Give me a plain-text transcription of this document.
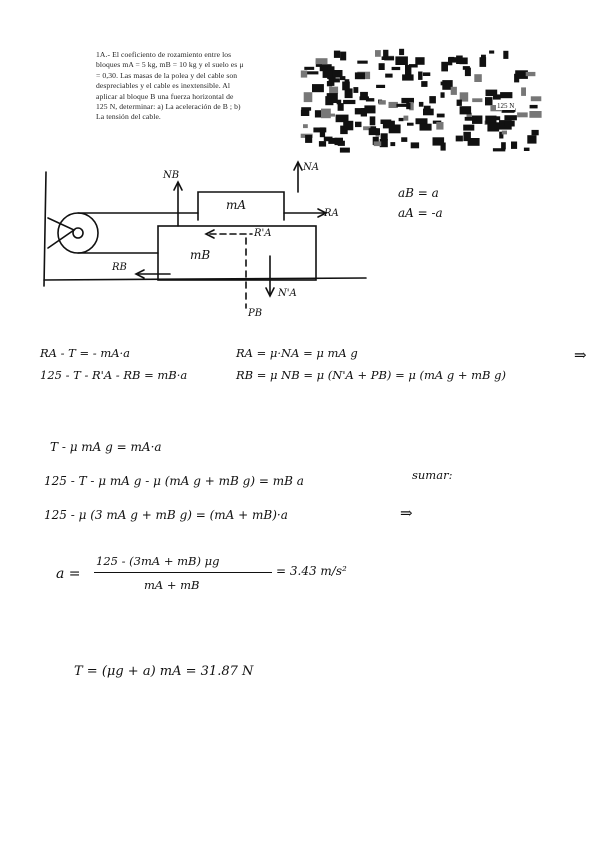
1A.- El coeficiento de rozamiento entre los
bloques mA = 5 kg, mB = 10 kg y el suelo es μ
= 0,30. Las masas de la polea y del cable son
despreciables y el cable es inextensible. Al
aplicar al bloque B una fuerza horizontal de
125 N, determinar: a) La aceleración de B ; b)
La tensión del cable.
125 N
NB
NA
mA
RA
R'A
mB
RB
N'A
PB
aB = a
aA = -a
RA - T = - mA·a	RA = μ·NA = μ mA g	⇒
125 - T - R'A - RB = mB·a	RB = μ NB = μ (N'A + PB) = μ (mA g + mB g)
T - μ mA g = mA·a
125 - T - μ mA g - μ (mA g + mB g) = mB a	sumar:
125 - μ (3 mA g + mB g) = (mA + mB)·a	⇒
a =
125 - (3mA + mB) μg
mA + mB
= 3.43 m/s²
T = (μg + a) mA = 31.87 N
